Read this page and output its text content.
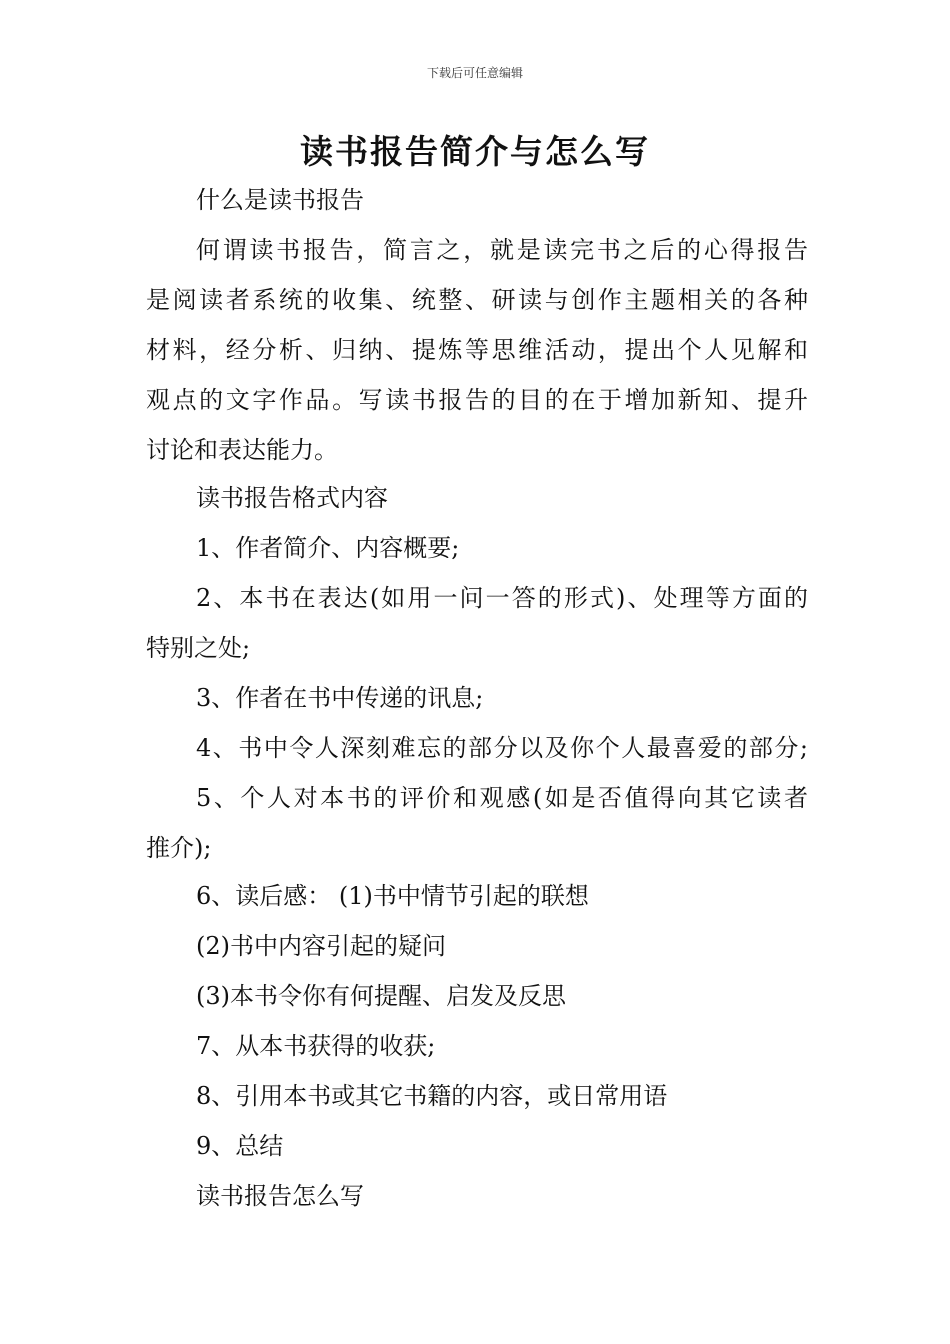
下载后可任意编辑
读书报告简介与怎么写
什么是读书报告
何谓读书报告，简言之，就是读完书之后的心得报告
是阅读者系统的收集、统整、研读与创作主题相关的各种
材料，经分析、归纳、提炼等思维活动，提出个人见解和
观点的文字作品。写读书报告的目的在于增加新知、提升
讨论和表达能力。
读书报告格式内容
1、作者简介、内容概要;
2、本书在表达(如用一问一答的形式)、处理等方面的
特别之处;
3、作者在书中传递的讯息;
4、书中令人深刻难忘的部分以及你个人最喜爱的部分;
5、个人对本书的评价和观感(如是否值得向其它读者
推介);
6、读后感： (1)书中情节引起的联想
(2)书中内容引起的疑问
(3)本书令你有何提醒、启发及反思
7、从本书获得的收获;
8、引用本书或其它书籍的内容，或日常用语
9、总结
读书报告怎么写
